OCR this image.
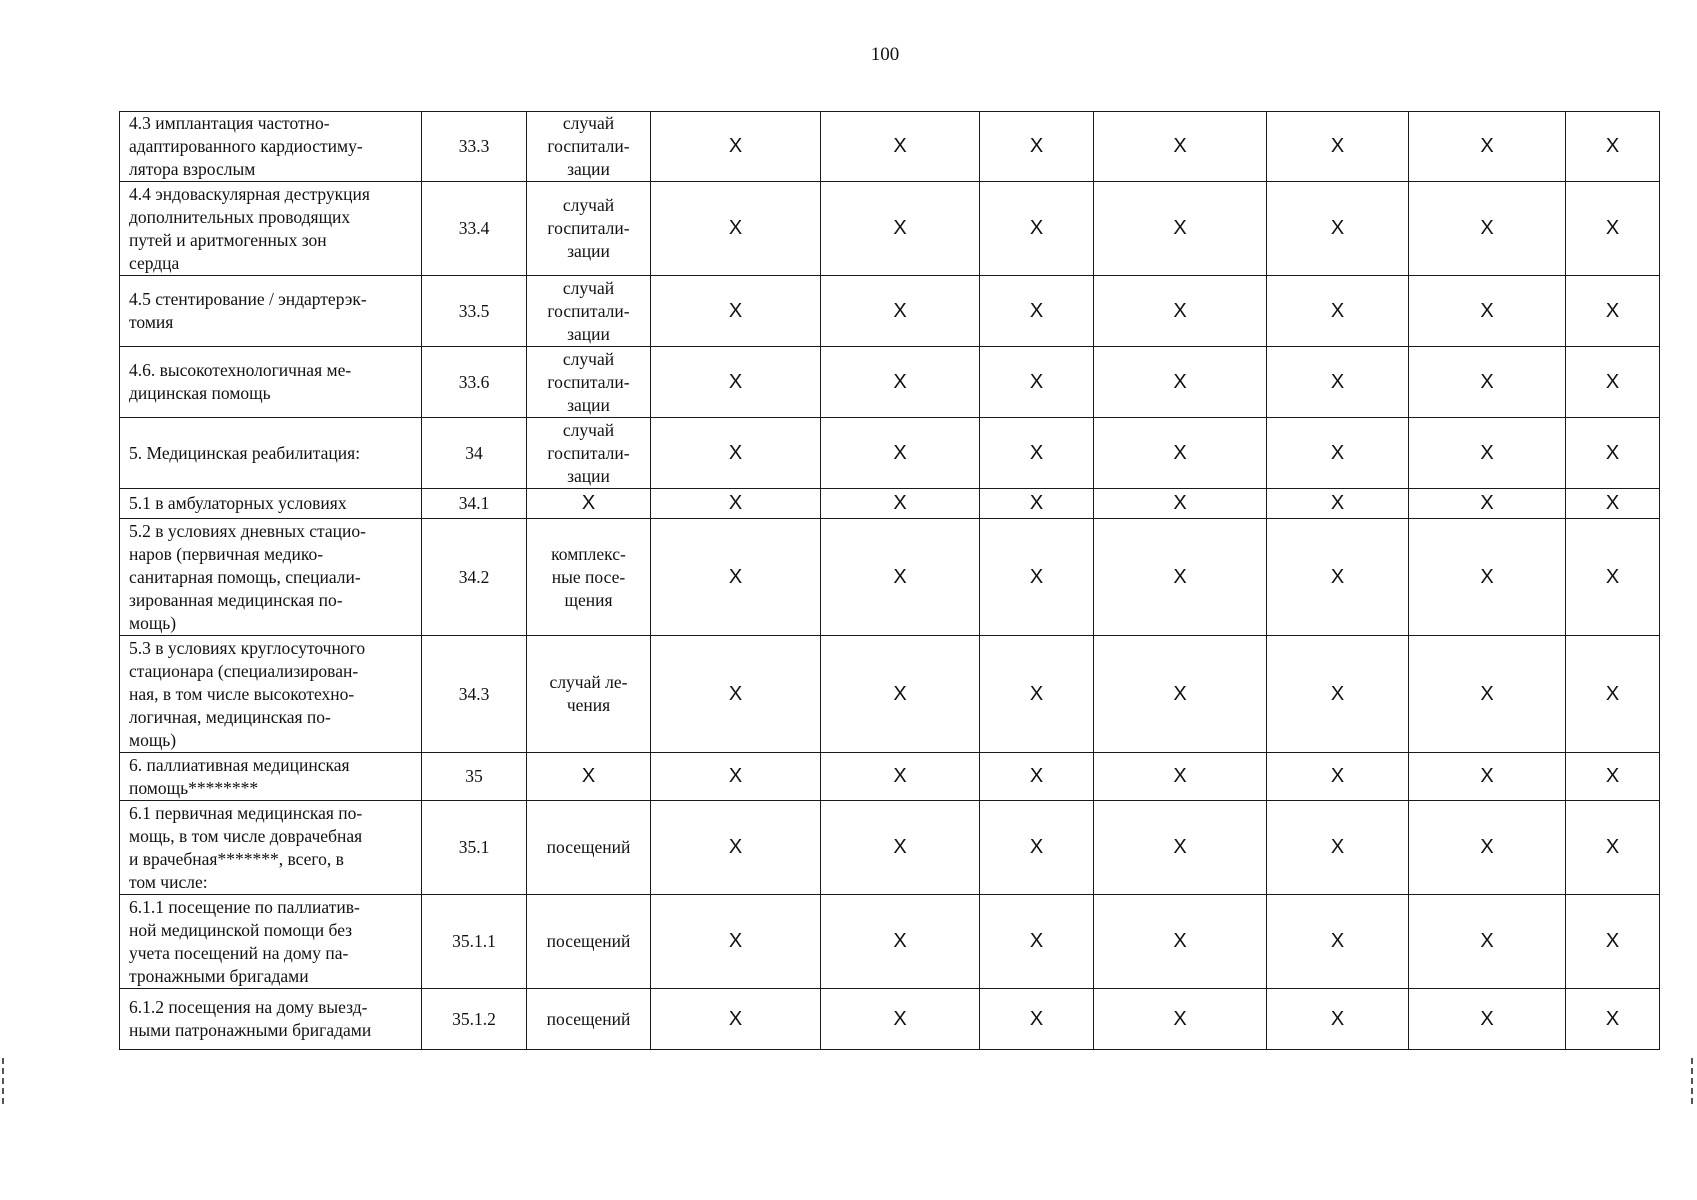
100
4.3 имплантация частотно-
адаптированного кардиостиму-
лятора взрослым	33.3	случай
госпитали-
зации	X	X	X	X	X	X	X
4.4 эндоваскулярная деструкция
дополнительных проводящих
путей и аритмогенных зон
сердца	33.4	случай
госпитали-
зации	X	X	X	X	X	X	X
4.5 стентирование / эндартерэк-
томия	33.5	случай
госпитали-
зации	X	X	X	X	X	X	X
4.6. высокотехнологичная ме-
дицинская помощь	33.6	случай
госпитали-
зации	X	X	X	X	X	X	X
5. Медицинская реабилитация:	34	случай
госпитали-
зации	X	X	X	X	X	X	X
5.1 в амбулаторных условиях	34.1	X	X	X	X	X	X	X	X
5.2 в условиях дневных стацио-
наров (первичная медико-
санитарная помощь, специали-
зированная медицинская по-
мощь)	34.2	комплекс-
ные посе-
щения	X	X	X	X	X	X	X
5.3 в условиях круглосуточного
стационара (специализирован-
ная, в том числе высокотехно-
логичная, медицинская по-
мощь)	34.3	случай ле-
чения	X	X	X	X	X	X	X
6. паллиативная медицинская
помощь********	35	X	X	X	X	X	X	X	X
6.1 первичная медицинская по-
мощь, в том числе доврачебная
и врачебная*******, всего, в
том числе:	35.1	посещений	X	X	X	X	X	X	X
6.1.1 посещение по паллиатив-
ной медицинской помощи без
учета посещений на дому па-
тронажными бригадами	35.1.1	посещений	X	X	X	X	X	X	X
6.1.2 посещения на дому выезд-
ными патронажными бригадами	35.1.2	посещений	X	X	X	X	X	X	X
